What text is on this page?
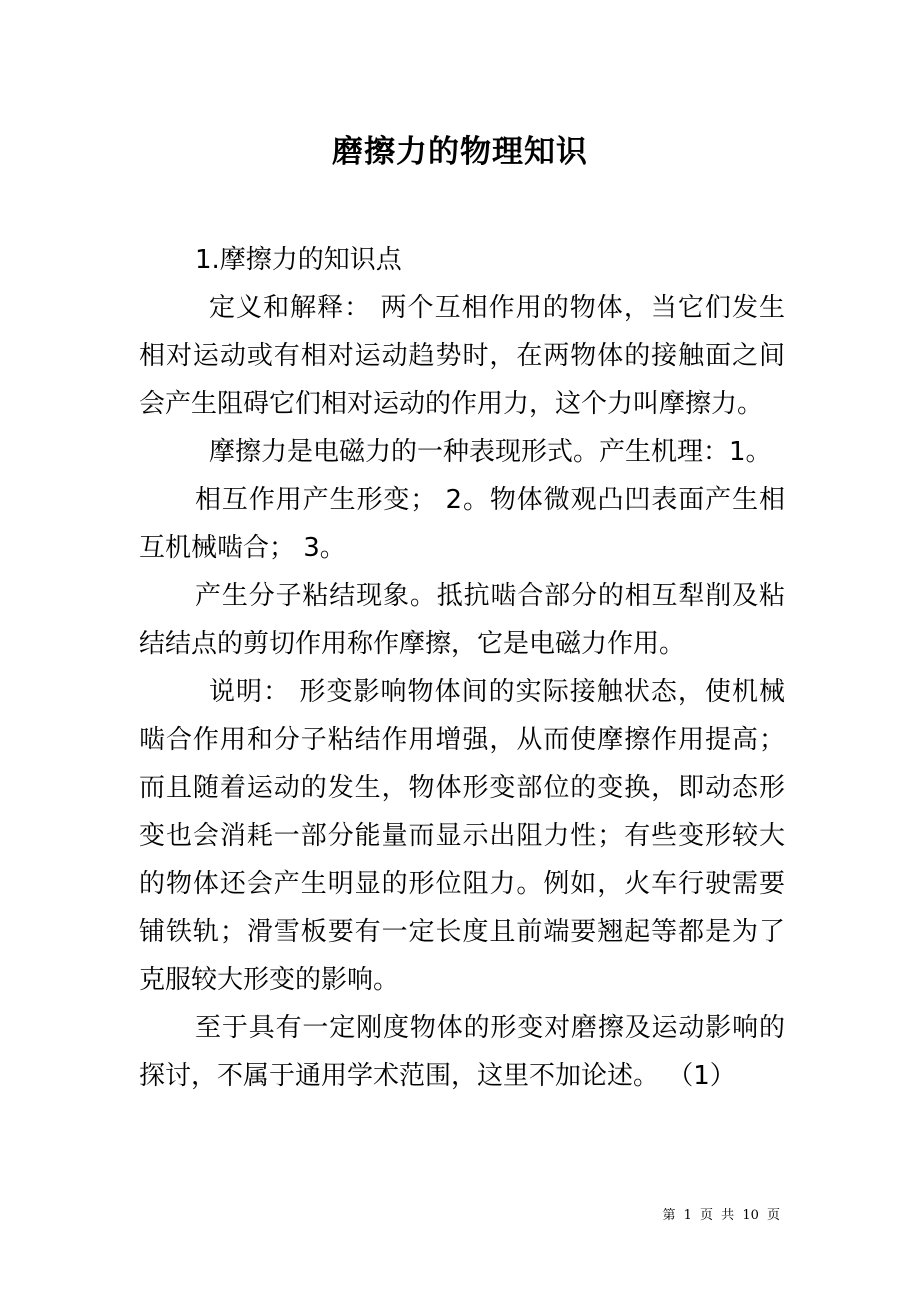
磨擦力的物理知识

1.摩擦力的知识点

定义和解释： 两个互相作用的物体，当它们发生相对运动或有相对运动趋势时，在两物体的接触面之间会产生阻碍它们相对运动的作用力，这个力叫摩擦力。

摩擦力是电磁力的一种表现形式。产生机理：1。

相互作用产生形变； 2。物体微观凸凹表面产生相互机械啮合； 3。

产生分子粘结现象。抵抗啮合部分的相互犁削及粘结结点的剪切作用称作摩擦，它是电磁力作用。

说明： 形变影响物体间的实际接触状态，使机械啮合作用和分子粘结作用增强，从而使摩擦作用提高；而且随着运动的发生，物体形变部位的变换，即动态形变也会消耗一部分能量而显示出阻力性；有些变形较大的物体还会产生明显的形位阻力。例如，火车行驶需要铺铁轨；滑雪板要有一定长度且前端要翘起等都是为了克服较大形变的影响。

至于具有一定刚度物体的形变对磨擦及运动影响的探讨，不属于通用学术范围，这里不加论述。 （1）

第 1 页 共 10 页
